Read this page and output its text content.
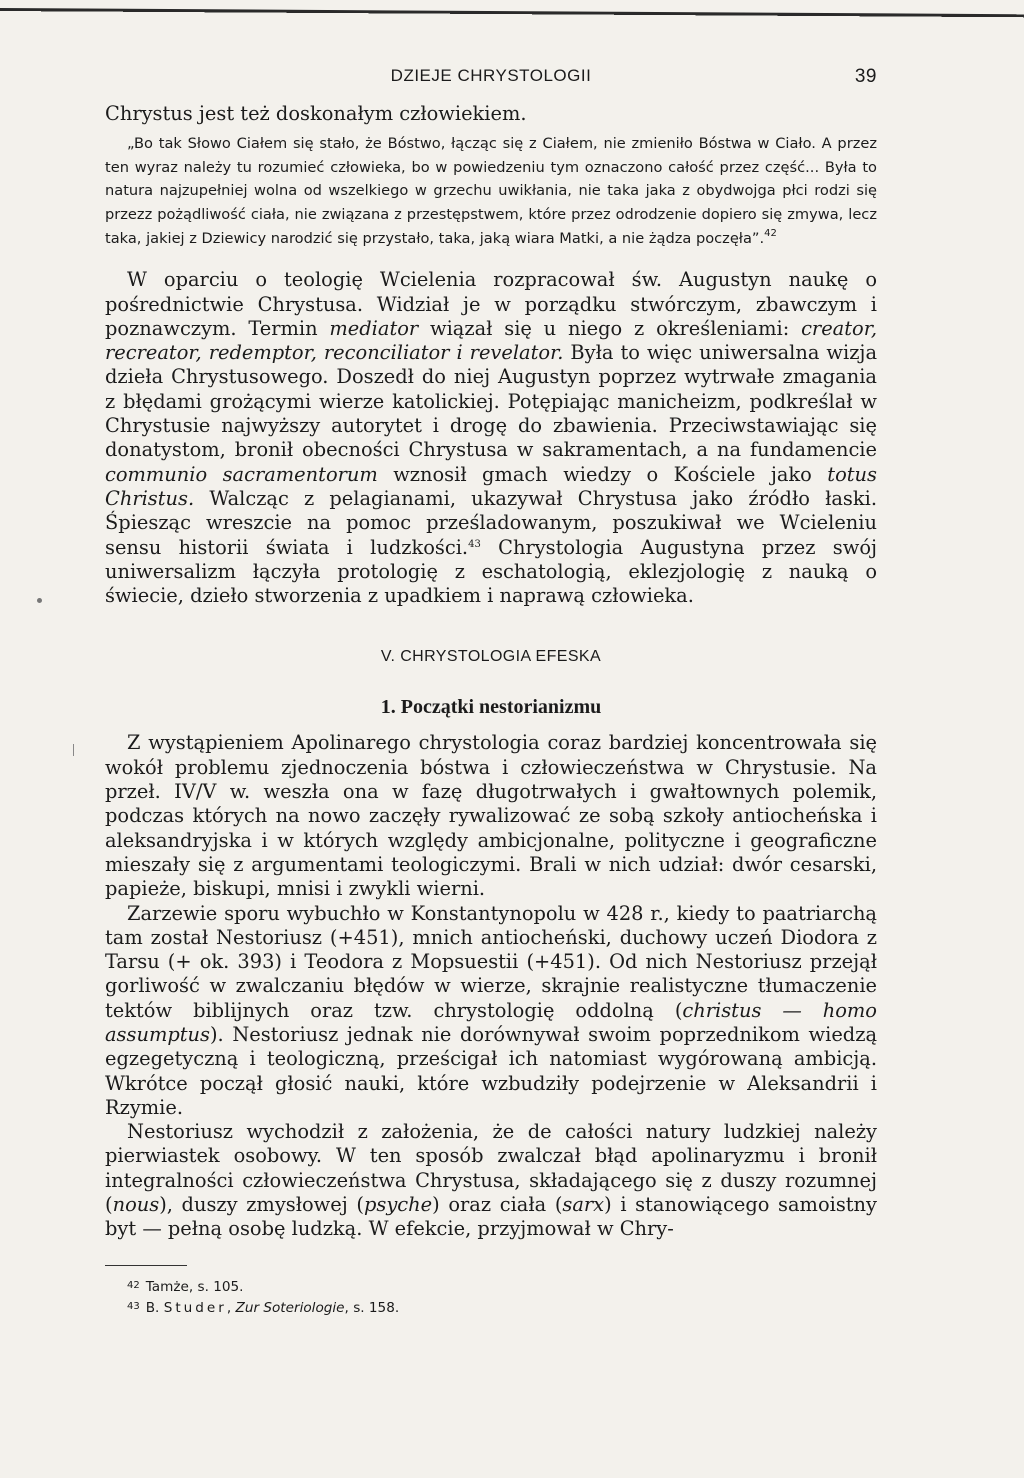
DZIEJE CHRYSTOLOGII	39

Chrystus jest też doskonałym człowiekiem.

„Bo tak Słowo Ciałem się stało, że Bóstwo, łącząc się z Ciałem, nie zmieniło Bóstwa w Ciało. A przez ten wyraz należy tu rozumieć człowieka, bo w powiedzeniu tym oznaczono całość przez część... Była to natura najzupełniej wolna od wszelkiego w grzechu uwikłania, nie taka jaka z obydwojga płci rodzi się przezz pożądliwość ciała, nie związana z przestępstwem, które przez odrodzenie dopiero się zmywa, lecz taka, jakiej z Dziewicy narodzić się przystało, taka, jaką wiara Matki, a nie żądza poczęła”.$^{42}$

W oparciu o teologię Wcielenia rozpracował św. Augustyn naukę o pośrednictwie Chrystusa. Widział je w porządku stwórczym, zbawczym i poznawczym. Termin mediator wiązał się u niego z określeniami: creator, recreator, redemptor, reconciliator i revelator. Była to więc uniwersalna wizja dzieła Chrystusowego. Doszedł do niej Augustyn poprzez wytrwałe zmagania z błędami grożącymi wierze katolickiej. Potępiając manicheizm, podkreślał w Chrystusie najwyższy autorytet i drogę do zbawienia. Przeciwstawiając się donatystom, bronił obecności Chrystusa w sakramentach, a na fundamencie communio sacramentorum wznosił gmach wiedzy o Kościele jako totus Christus. Walcząc z pelagianami, ukazywał Chrystusa jako źródło łaski. Śpiesząc wreszcie na pomoc prześladowanym, poszukiwał we Wcieleniu sensu historii świata i ludzkości.$^{43}$ Chrystologia Augustyna przez swój uniwersalizm łączyła protologię z eschatologią, eklezjologię z nauką o świecie, dzieło stworzenia z upadkiem i naprawą człowieka.

V. CHRYSTOLOGIA EFESKA
1. Początki nestorianizmu

Z wystąpieniem Apolinarego chrystologia coraz bardziej koncentrowała się wokół problemu zjednoczenia bóstwa i człowieczeństwa w Chrystusie. Na przeł. IV/V w. weszła ona w fazę długotrwałych i gwałtownych polemik, podczas których na nowo zaczęły rywalizować ze sobą szkoły antiocheńska i aleksandryjska i w których względy ambicjonalne, polityczne i geograficzne mieszały się z argumentami teologiczymi. Brali w nich udział: dwór cesarski, papieże, biskupi, mnisi i zwykli wierni.

Zarzewie sporu wybuchło w Konstantynopolu w 428 r., kiedy to paatriarchą tam został Nestoriusz (+451), mnich antiocheński, duchowy uczeń Diodora z Tarsu (+ ok. 393) i Teodora z Mopsuestii (+451). Od nich Nestoriusz przejął gorliwość w zwalczaniu błędów w wierze, skrajnie realistyczne tłumaczenie tektów biblijnych oraz tzw. chrystologię oddolną (christus — homo assumptus). Nestoriusz jednak nie dorównywał swoim poprzednikom wiedzą egzegetyczną i teologiczną, prześcigał ich natomiast wygórowaną ambicją. Wkrótce począł głosić nauki, które wzbudziły podejrzenie w Aleksandrii i Rzymie.

Nestoriusz wychodził z założenia, że de całości natury ludzkiej należy pierwiastek osobowy. W ten sposób zwalczał błąd apolinaryzmu i bronił integralności człowieczeństwa Chrystusa, składającego się z duszy rozumnej (nous), duszy zmysłowej (psyche) oraz ciała (sarx) i stanowiącego samoistny byt — pełną osobę ludzką. W efekcie, przyjmował w Chry-

$^{42}$ Tamże, s. 105.
$^{43}$ B. Studer, Zur Soteriologie, s. 158.
